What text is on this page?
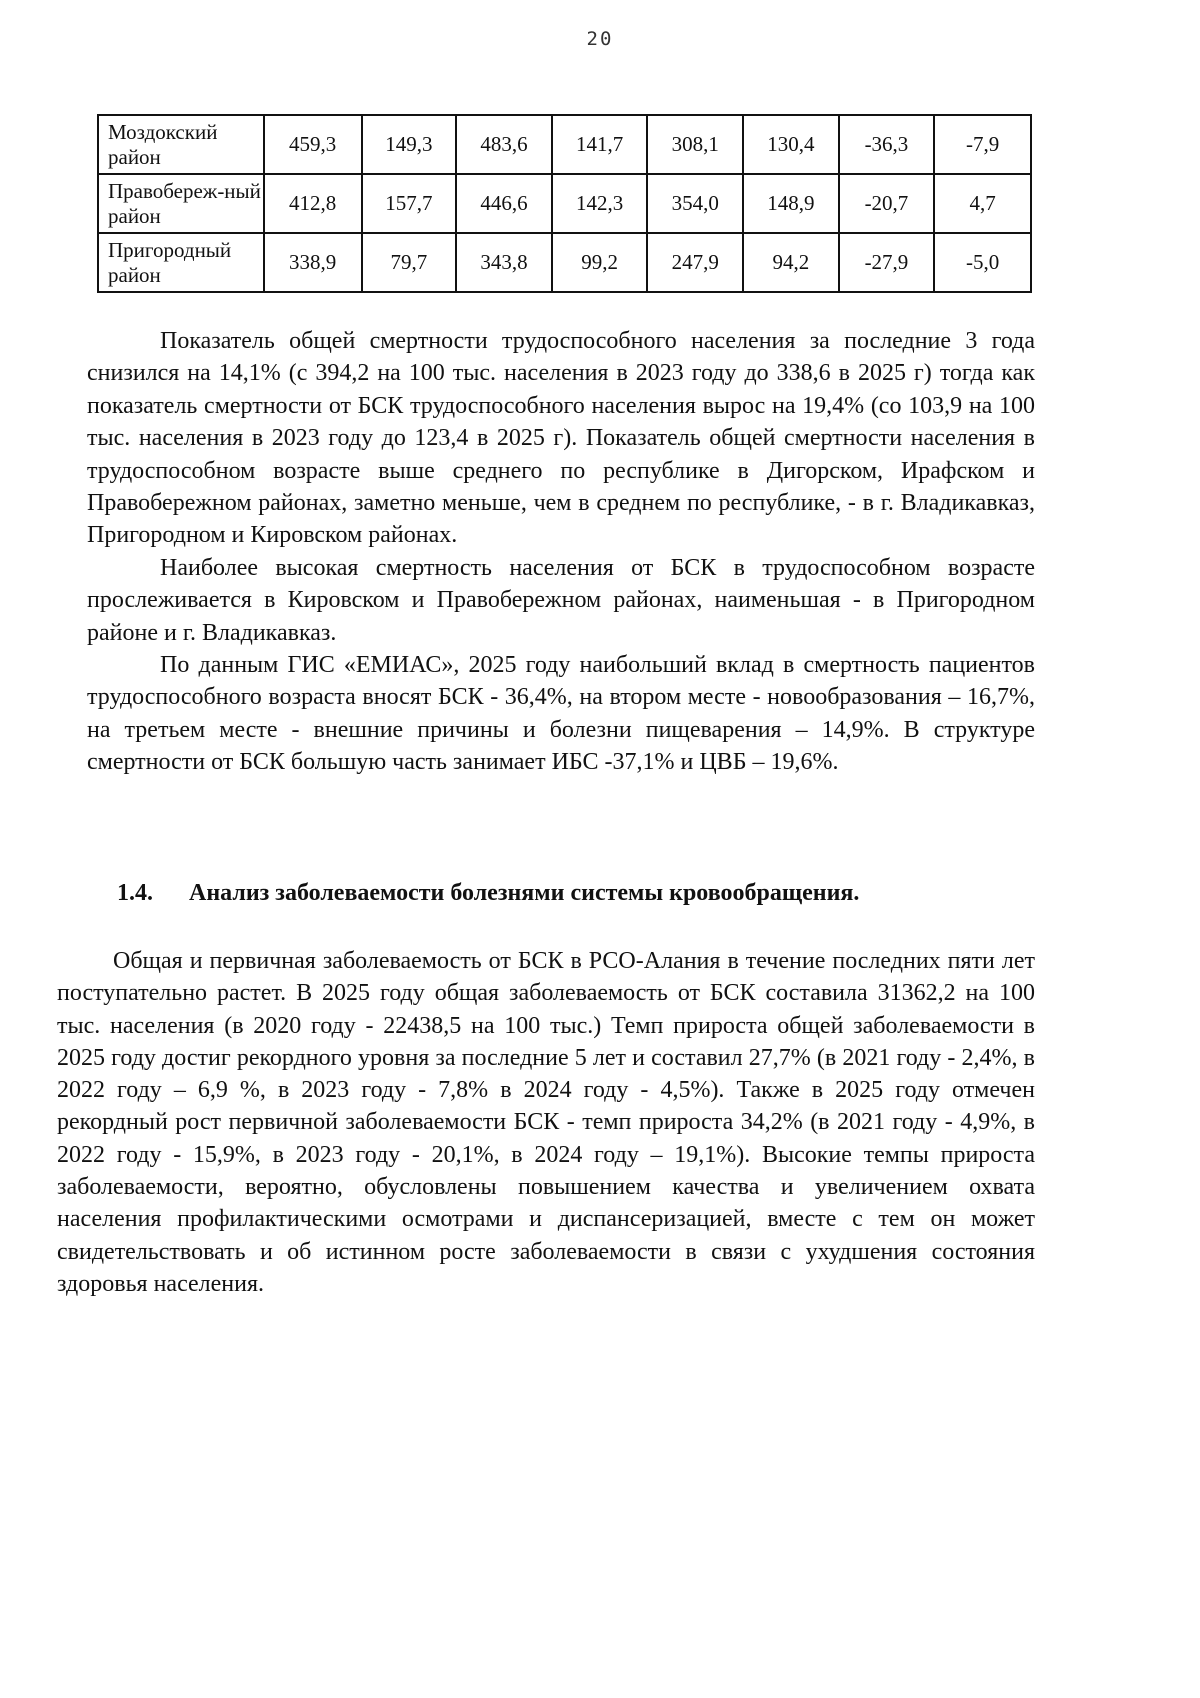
20
Моздокский район	459,3	149,3	483,6	141,7	308,1	130,4	-36,3	-7,9
Правобереж-ный район	412,8	157,7	446,6	142,3	354,0	148,9	-20,7	4,7
Пригородный район	338,9	79,7	343,8	99,2	247,9	94,2	-27,9	-5,0

Показатель общей смертности трудоспособного населения за последние 3 года снизился на 14,1% (с 394,2 на 100 тыс. населения в 2023 году до 338,6 в 2025 г) тогда как показатель смертности от БСК трудоспособного населения вырос на 19,4% (со 103,9 на 100 тыс. населения в 2023 году до 123,4 в 2025 г). Показатель общей смертности населения в трудоспособном возрасте выше среднего по республике в Дигорском, Ирафском и Правобережном районах, заметно меньше, чем в среднем по республике, - в г. Владикавказ, Пригородном и Кировском районах.

Наиболее высокая смертность населения от БСК в трудоспособном возрасте прослеживается в Кировском и Правобережном районах, наименьшая - в Пригородном районе и г. Владикавказ.

По данным ГИС «ЕМИАС», 2025 году наибольший вклад в смертность пациентов трудоспособного возраста вносят БСК - 36,4%, на втором месте - новообразования – 16,7%, на третьем месте - внешние причины и болезни пищеварения – 14,9%. В структуре смертности от БСК большую часть занимает ИБС -37,1% и ЦВБ – 19,6%.

1.4. Анализ заболеваемости болезнями системы кровообращения.

Общая и первичная заболеваемость от БСК в РСО-Алания в течение последних пяти лет поступательно растет. В 2025 году общая заболеваемость от БСК составила 31362,2 на 100 тыс. населения (в 2020 году - 22438,5 на 100 тыс.) Темп прироста общей заболеваемости в 2025 году достиг рекордного уровня за последние 5 лет и составил 27,7% (в 2021 году - 2,4%, в 2022 году – 6,9 %, в 2023 году - 7,8% в 2024 году - 4,5%). Также в 2025 году отмечен рекордный рост первичной заболеваемости БСК - темп прироста 34,2% (в 2021 году - 4,9%, в 2022 году - 15,9%, в 2023 году - 20,1%, в 2024 году – 19,1%). Высокие темпы прироста заболеваемости, вероятно, обусловлены повышением качества и увеличением охвата населения профилактическими осмотрами и диспансеризацией, вместе с тем он может свидетельствовать и об истинном росте заболеваемости в связи с ухудшения состояния здоровья населения.
